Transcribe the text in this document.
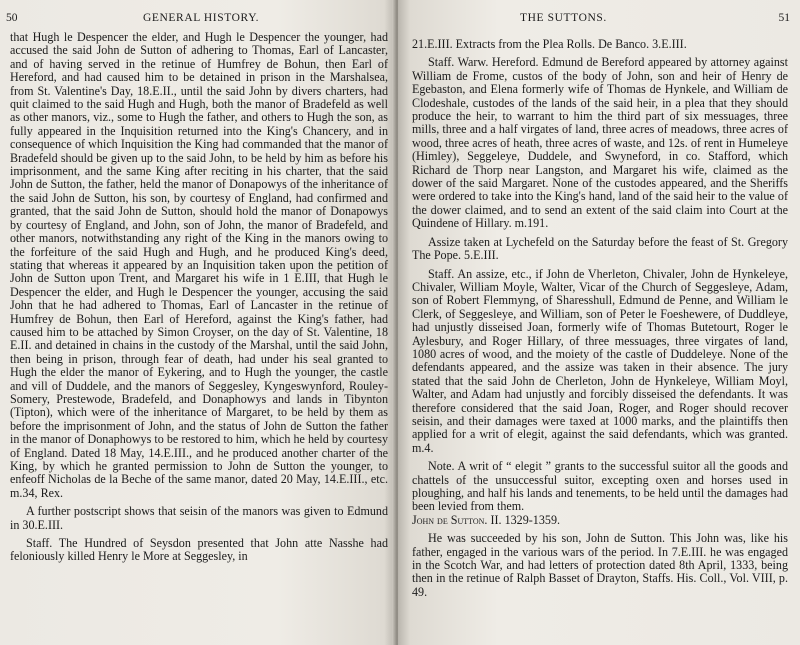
50	GENERAL HISTORY.

that Hugh le Despencer the elder, and Hugh le Despencer the younger, had accused the said John de Sutton of adhering to Thomas, Earl of Lancaster, and of having served in the retinue of Humfrey de Bohun, then Earl of Hereford, and had caused him to be detained in prison in the Marshalsea, from St. Valentine's Day, 18.E.II., until the said John by divers charters, had quit claimed to the said Hugh and Hugh, both the manor of Bradefeld as well as other manors, viz., some to Hugh the father, and others to Hugh the son, as fully appeared in the Inquisition returned into the King's Chancery, and in consequence of which Inquisition the King had commanded that the manor of Bradefeld should be given up to the said John, to be held by him as before his imprisonment, and the same King after reciting in his charter, that the said John de Sutton, the father, held the manor of Donapowys of the inheritance of the said John de Sutton, his son, by courtesy of England, had confirmed and granted, that the said John de Sutton, should hold the manor of Donapowys by courtesy of England, and John, son of John, the manor of Bradefeld, and other manors, notwithstanding any right of the King in the manors owing to the forfeiture of the said Hugh and Hugh, and he produced King's deed, stating that whereas it appeared by an Inquisition taken upon the petition of John de Sutton upon Trent, and Margaret his wife in 1 E.III, that Hugh le Despencer the elder, and Hugh le Despencer the younger, accusing the said John that he had adhered to Thomas, Earl of Lancaster in the retinue of Humfrey de Bohun, then Earl of Hereford, against the King's father, had caused him to be attached by Simon Croyser, on the day of St. Valentine, 18 E.II. and detained in chains in the custody of the Marshal, until the said John, then being in prison, through fear of death, had under his seal granted to Hugh the elder the manor of Eykering, and to Hugh the younger, the castle and vill of Duddele, and the manors of Seggesley, Kyngeswynford, Rouley-Somery, Prestewode, Bradefeld, and Donaphowys and lands in Tibynton (Tipton), which were of the inheritance of Margaret, to be held by them as before the imprisonment of John, and the status of John de Sutton the father in the manor of Donaphowys to be restored to him, which he held by courtesy of England. Dated 18 May, 14.E.III., and he produced another charter of the King, by which he granted permission to John de Sutton the younger, to enfeoff Nicholas de la Beche of the same manor, dated 20 May, 14.E.III., etc. m.34, Rex.

A further postscript shows that seisin of the manors was given to Edmund in 30.E.III.

Staff. The Hundred of Seysdon presented that John atte Nasshe had feloniously killed Henry le More at Seggesley, in

THE SUTTONS.	51

21.E.III. Extracts from the Plea Rolls. De Banco. 3.E.III.

Staff. Warw. Hereford. Edmund de Bereford appeared by attorney against William de Frome, custos of the body of John, son and heir of Henry de Egebaston, and Elena formerly wife of Thomas de Hynkele, and William de Clodeshale, custodes of the lands of the said heir, in a plea that they should produce the heir, to warrant to him the third part of six messuages, three mills, three and a half virgates of land, three acres of meadows, three acres of wood, three acres of heath, three acres of waste, and 12s. of rent in Humeleye (Himley), Seggeleye, Duddele, and Swyneford, in co. Stafford, which Richard de Thorp near Langston, and Margaret his wife, claimed as the dower of the said Margaret. None of the custodes appeared, and the Sheriffs were ordered to take into the King's hand, land of the said heir to the value of the dower claimed, and to send an extent of the said claim into Court at the Quindene of Hillary. m.191.

Assize taken at Lychefeld on the Saturday before the feast of St. Gregory The Pope. 5.E.III.

Staff. An assize, etc., if John de Vherleton, Chivaler, John de Hynkeleye, Chivaler, William Moyle, Walter, Vicar of the Church of Seggesleye, Adam, son of Robert Flemmyng, of Sharesshull, Edmund de Penne, and William le Clerk, of Seggesleye, and William, son of Peter le Foeshewere, of Duddleye, had unjustly disseised Joan, formerly wife of Thomas Butetourt, Roger le Aylesbury, and Roger Hillary, of three messuages, three virgates of land, 1080 acres of wood, and the moiety of the castle of Duddeleye. None of the defendants appeared, and the assize was taken in their absence. The jury stated that the said John de Cherleton, John de Hynkeleye, William Moyl, Walter, and Adam had unjustly and forcibly disseised the defendants. It was therefore considered that the said Joan, Roger, and Roger should recover seisin, and their damages were taxed at 1000 marks, and the plaintiffs then applied for a writ of elegit, against the said defendants, which was granted. m.4.

Note. A writ of “ elegit ” grants to the successful suitor all the goods and chattels of the unsuccessful suitor, excepting oxen and horses used in ploughing, and half his lands and tenements, to be held until the damages had been levied from them.

John de Sutton. II. 1329-1359.

He was succeeded by his son, John de Sutton. This John was, like his father, engaged in the various wars of the period. In 7.E.III. he was engaged in the Scotch War, and had letters of protection dated 8th April, 1333, being then in the retinue of Ralph Basset of Drayton, Staffs. His. Coll., Vol. VIII, p. 49.
